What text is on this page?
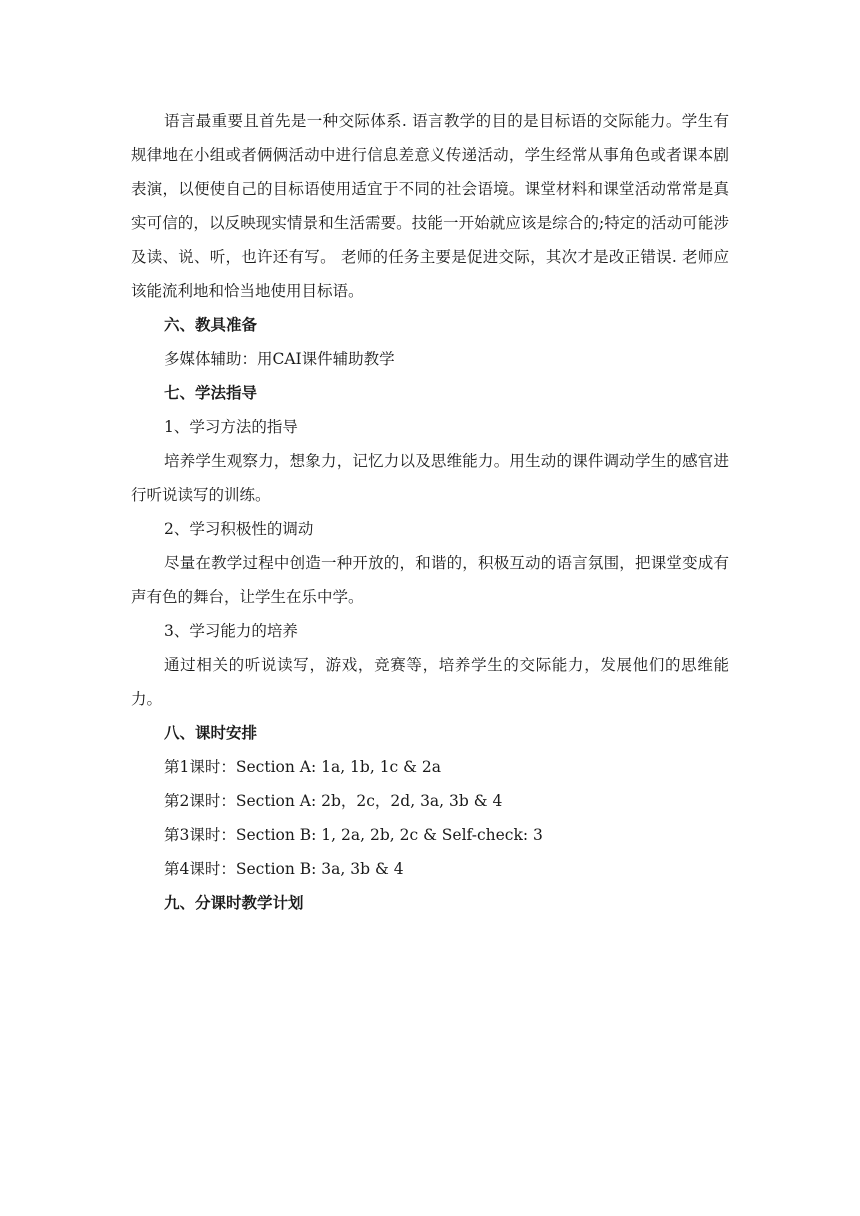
语言最重要且首先是一种交际体系. 语言教学的目的是目标语的交际能力。学生有规律地在小组或者俩俩活动中进行信息差意义传递活动，学生经常从事角色或者课本剧表演，以便使自己的目标语使用适宜于不同的社会语境。课堂材料和课堂活动常常是真实可信的，以反映现实情景和生活需要。技能一开始就应该是综合的;特定的活动可能涉及读、说、听，也许还有写。 老师的任务主要是促进交际，其次才是改正错误. 老师应该能流利地和恰当地使用目标语。

六、教具准备

多媒体辅助：用CAI课件辅助教学

七、学法指导

1、学习方法的指导

培养学生观察力，想象力，记忆力以及思维能力。用生动的课件调动学生的感官进行听说读写的训练。

2、学习积极性的调动

尽量在教学过程中创造一种开放的，和谐的，积极互动的语言氛围，把课堂变成有声有色的舞台，让学生在乐中学。

3、学习能力的培养

通过相关的听说读写，游戏，竞赛等，培养学生的交际能力，发展他们的思维能力。

八、课时安排

第1课时：Section A: 1a, 1b, 1c & 2a

第2课时：Section A: 2b，2c，2d, 3a, 3b & 4

第3课时：Section B: 1, 2a, 2b, 2c & Self-check: 3

第4课时：Section B: 3a, 3b & 4

九、分课时教学计划
